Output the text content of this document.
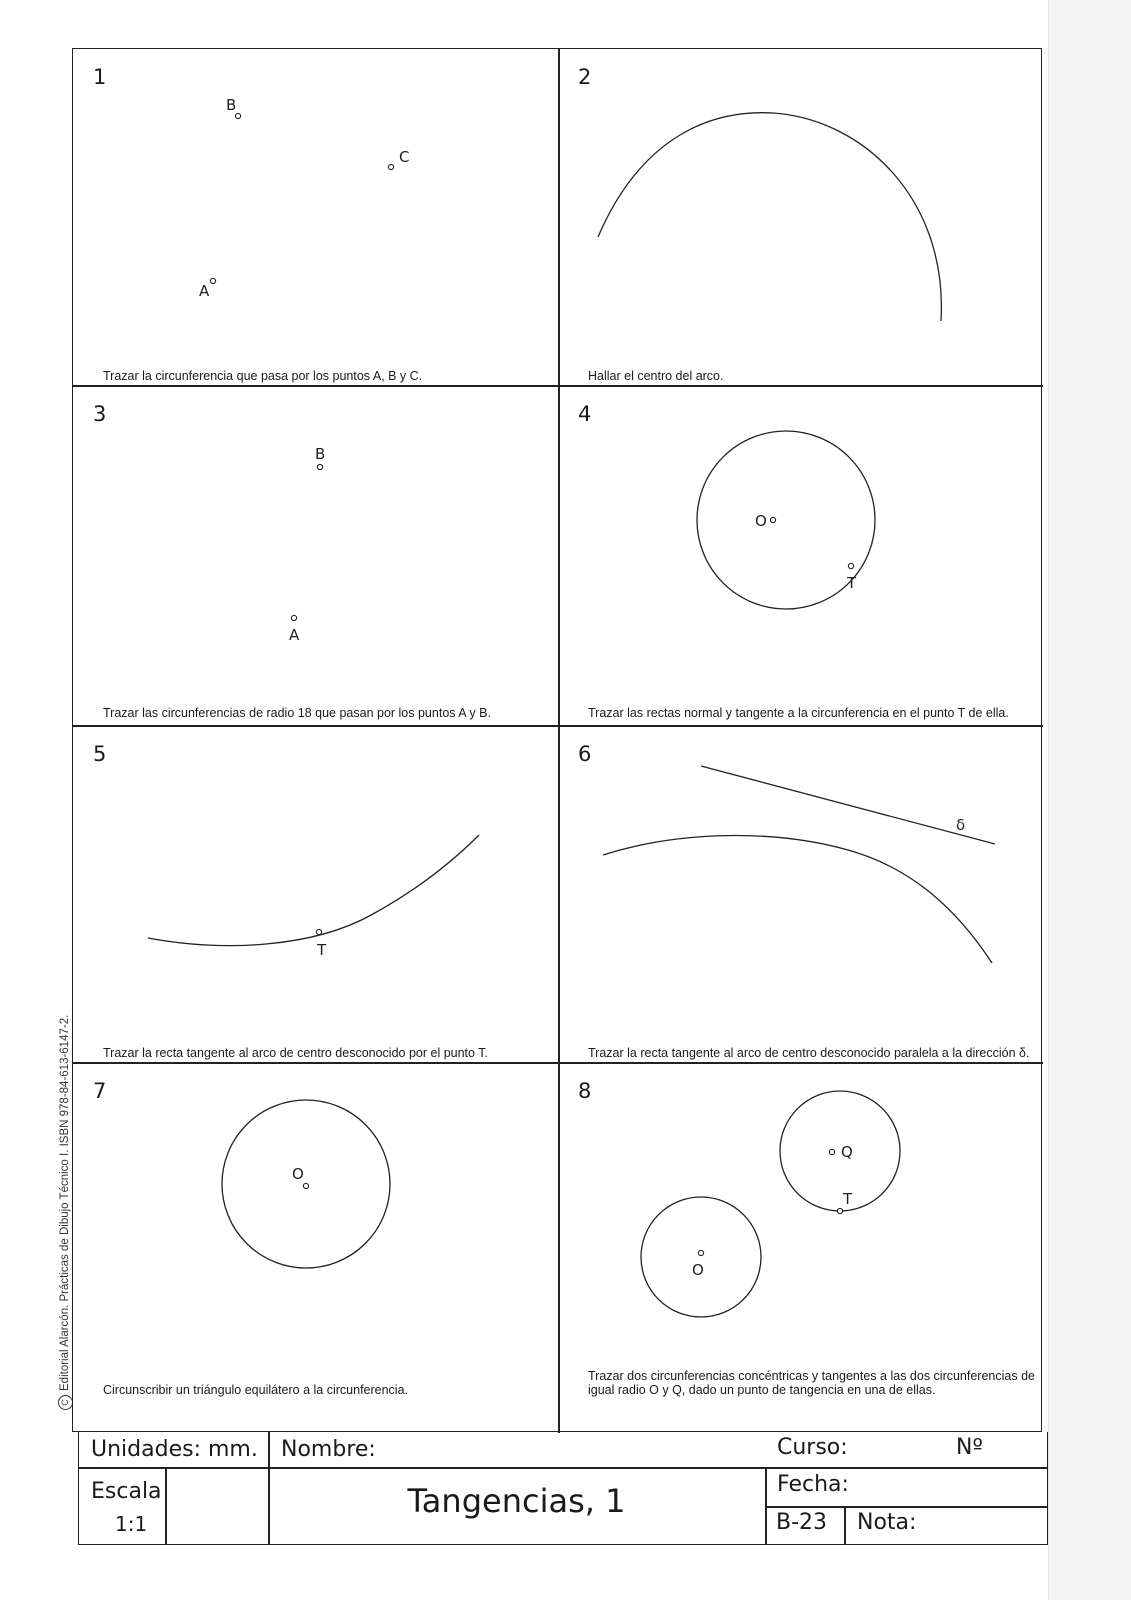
CEditorial Alarcón. Prácticas de Dibujo Técnico I. ISBN 978-84-613-6147-2.
1
B
C
A
Trazar la circunferencia que pasa por los puntos A, B y C.
2
Hallar el centro del arco.
3
B
A
Trazar las circunferencias de radio 18 que pasan por los puntos A y B.
4
O
T
Trazar las rectas normal y tangente a la circunferencia en el punto T de ella.
5
T
Trazar la recta tangente al arco de centro desconocido por el punto T.
6
δ
Trazar la recta tangente al arco de centro desconocido paralela a la dirección δ.
7
O
Circunscribir un triángulo equilátero a la circunferencia.
8
Q
T
O
Trazar dos circunferencias concéntricas y tangentes a las dos circunferencias de igual radio O y Q, dado un punto de tangencia en una de ellas.
Unidades: mm. Nombre:	Curso:	Nº
Escala
1:1
Tangencias, 1	Fecha:
B-23 Nota:
